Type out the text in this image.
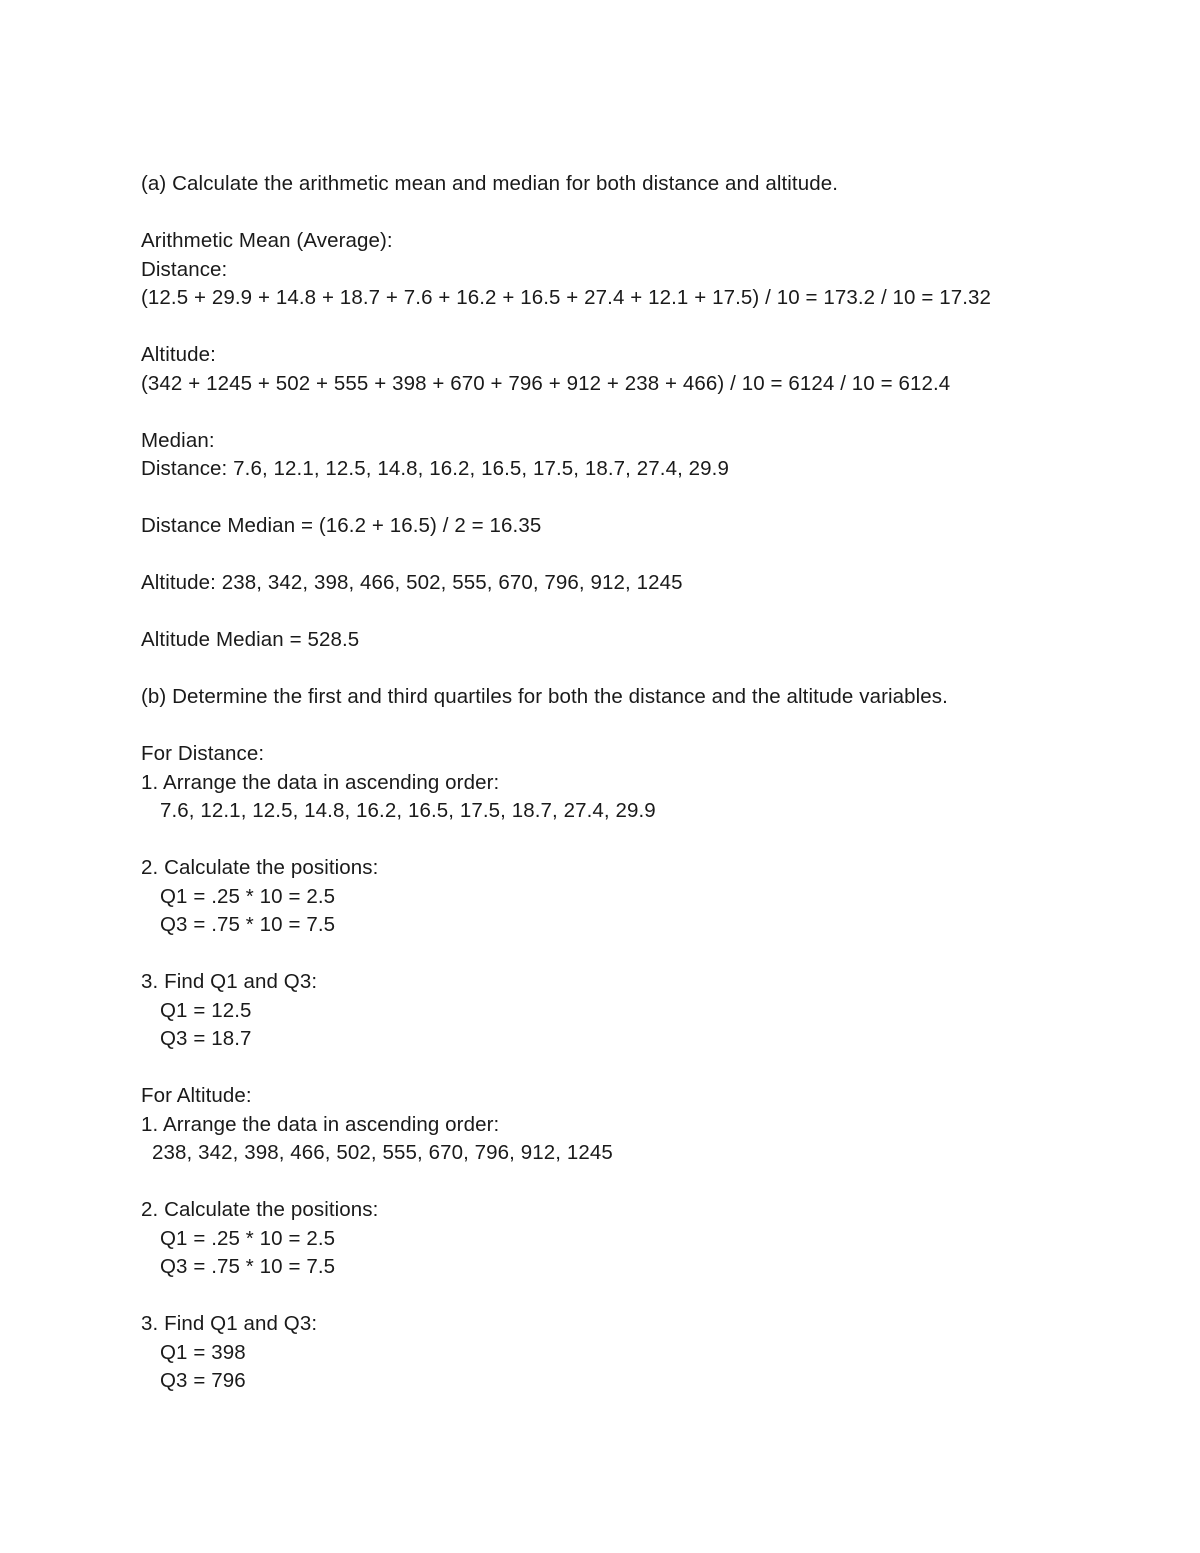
(a) Calculate the arithmetic mean and median for both distance and altitude.
Arithmetic Mean (Average):
Distance:
(12.5 + 29.9 + 14.8 + 18.7 + 7.6 + 16.2 + 16.5 + 27.4 + 12.1 + 17.5) / 10 = 173.2 / 10 = 17.32
Altitude:
(342 + 1245 + 502 + 555 + 398 + 670 + 796 + 912 + 238 + 466) / 10 = 6124 / 10 = 612.4
Median:
Distance: 7.6, 12.1, 12.5, 14.8, 16.2, 16.5, 17.5, 18.7, 27.4, 29.9
Distance Median = (16.2 + 16.5) / 2 = 16.35
Altitude: 238, 342, 398, 466, 502, 555, 670, 796, 912, 1245
Altitude Median = 528.5
(b) Determine the first and third quartiles for both the distance and the altitude variables.
For Distance:
1. Arrange the data in ascending order:
7.6, 12.1, 12.5, 14.8, 16.2, 16.5, 17.5, 18.7, 27.4, 29.9
2. Calculate the positions:
Q1 = .25 * 10 = 2.5
Q3 = .75 * 10 = 7.5
3. Find Q1 and Q3:
Q1 = 12.5
Q3 = 18.7
For Altitude:
1. Arrange the data in ascending order:
238, 342, 398, 466, 502, 555, 670, 796, 912, 1245
2. Calculate the positions:
Q1 = .25 * 10 = 2.5
Q3 = .75 * 10 = 7.5
3. Find Q1 and Q3:
Q1 = 398
Q3 = 796
